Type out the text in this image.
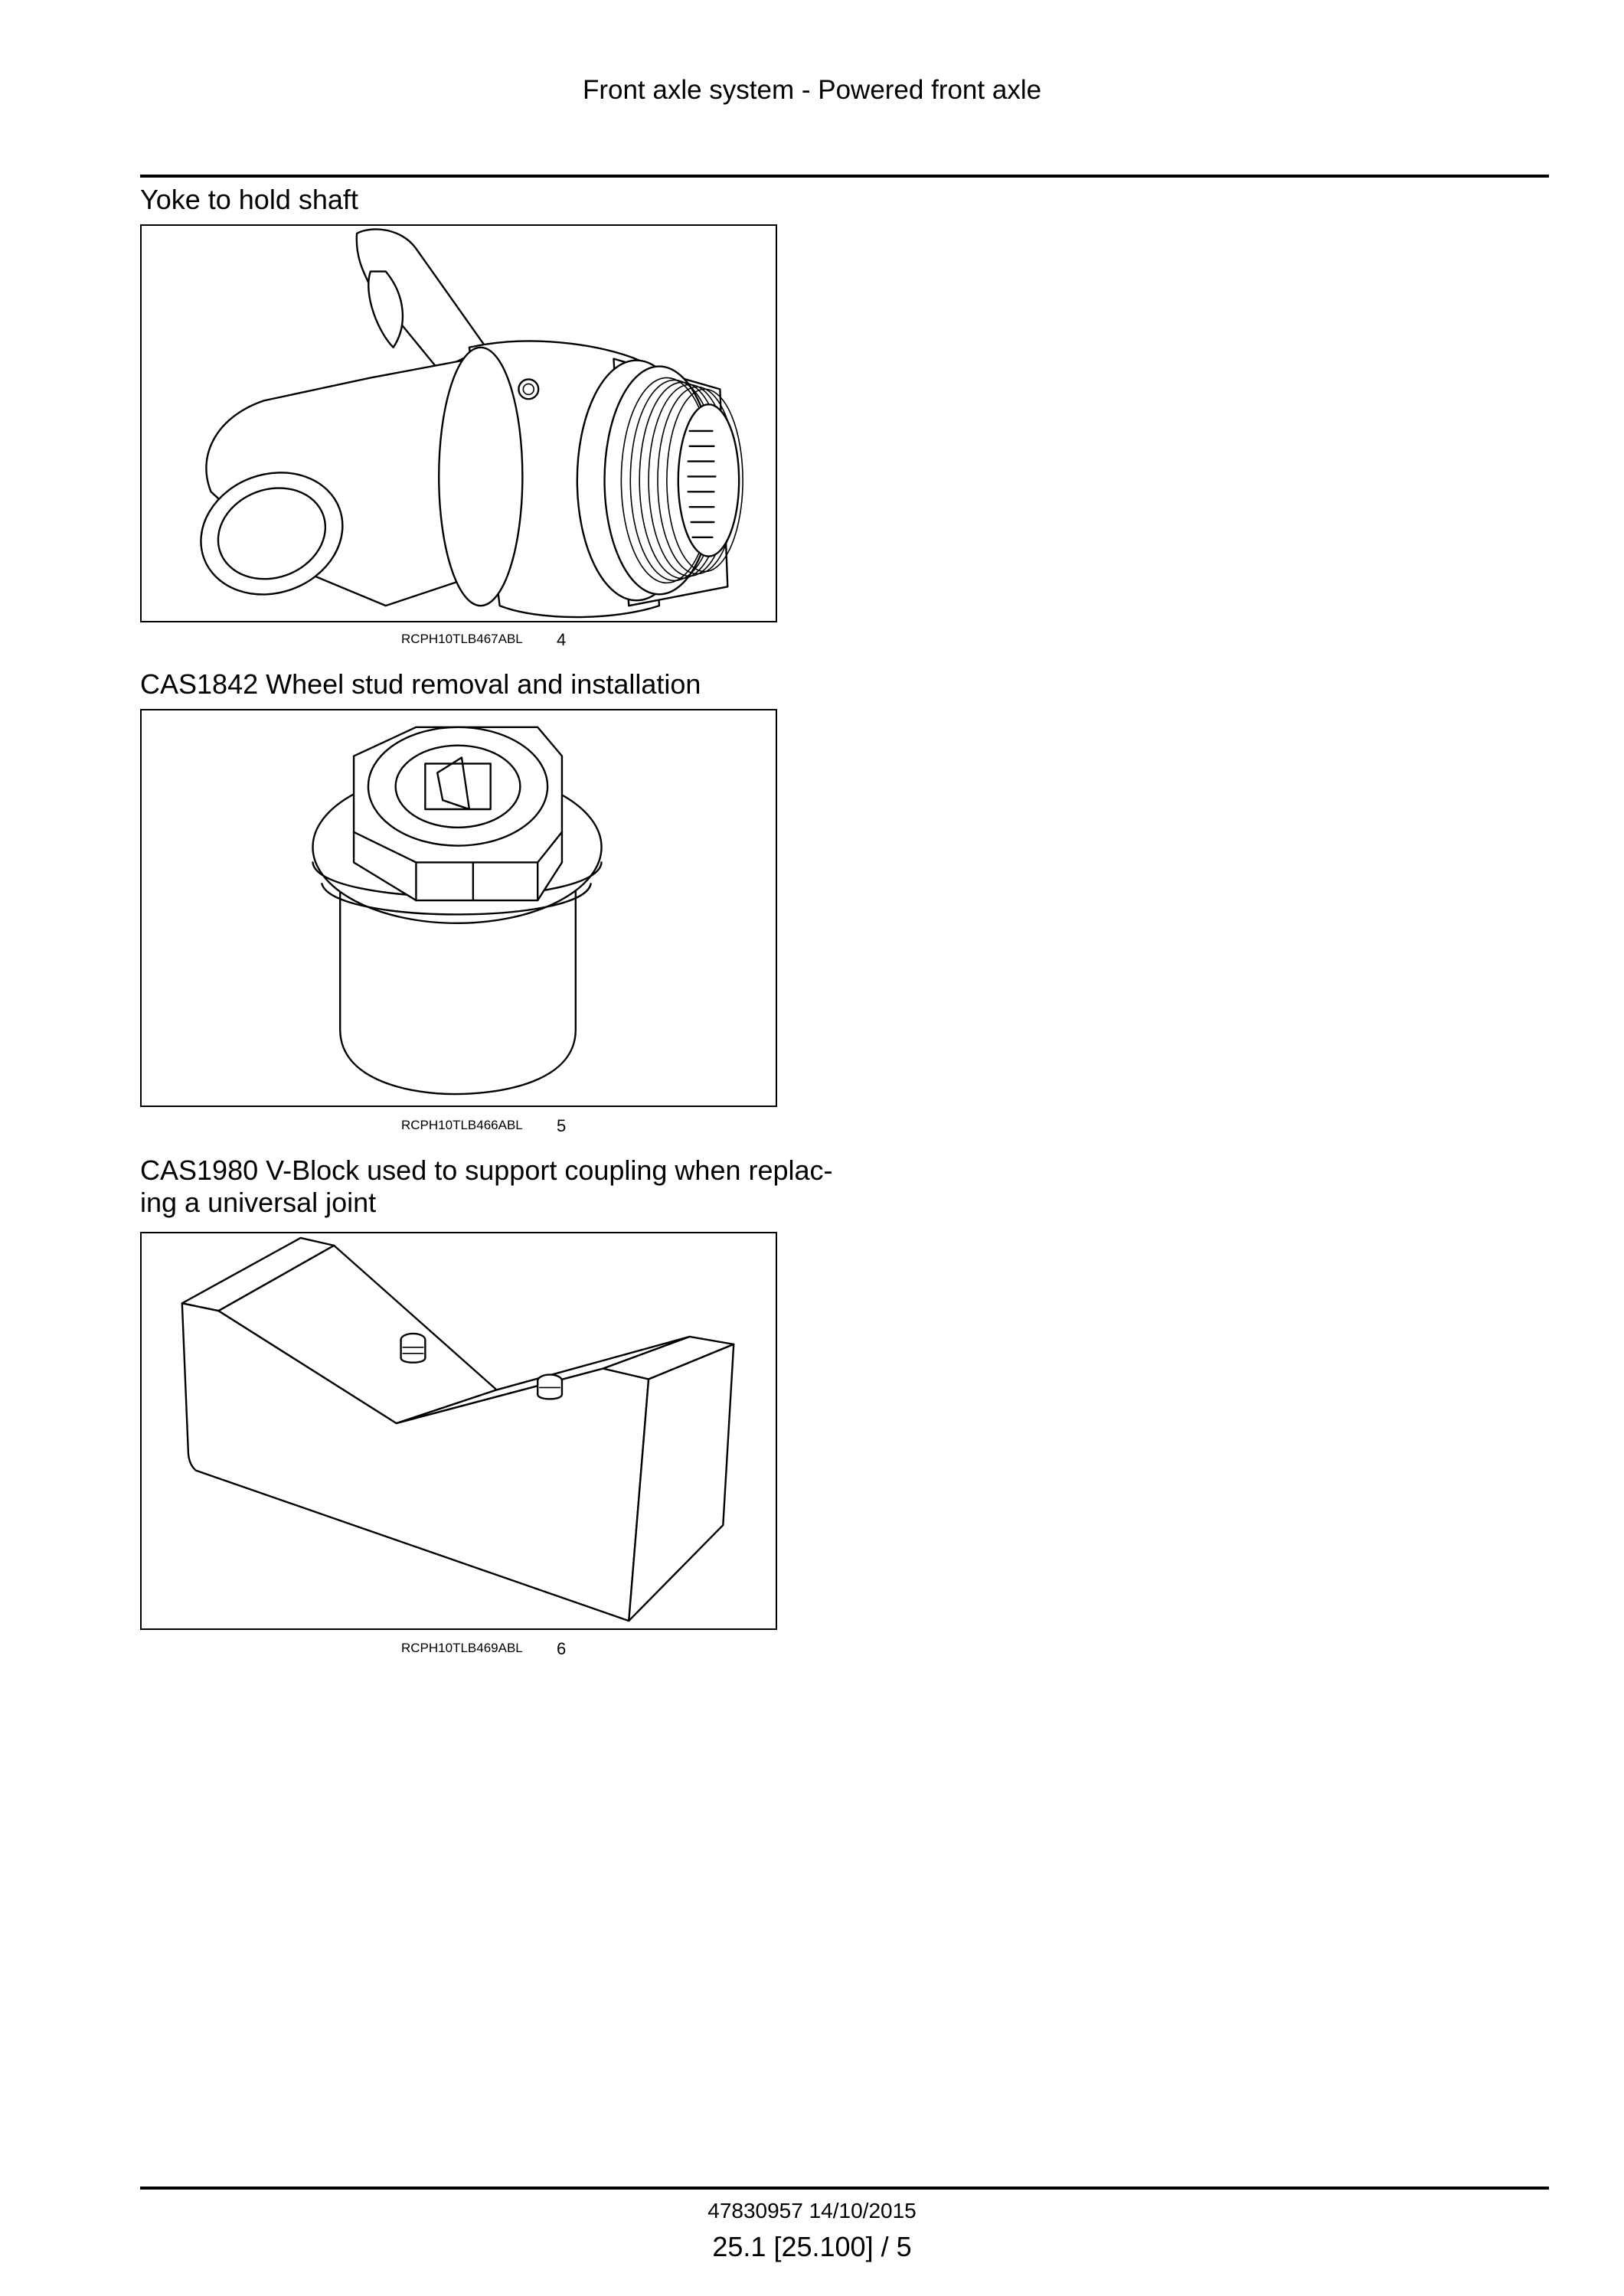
Front axle system - Powered front axle
Yoke to hold shaft
RCPH10TLB467ABL 4
CAS1842 Wheel stud removal and installation
RCPH10TLB466ABL 5
CAS1980 V-Block used to support coupling when replac-
ing a universal joint
RCPH10TLB469ABL 6
47830957 14/10/2015
25.1 [25.100] / 5
